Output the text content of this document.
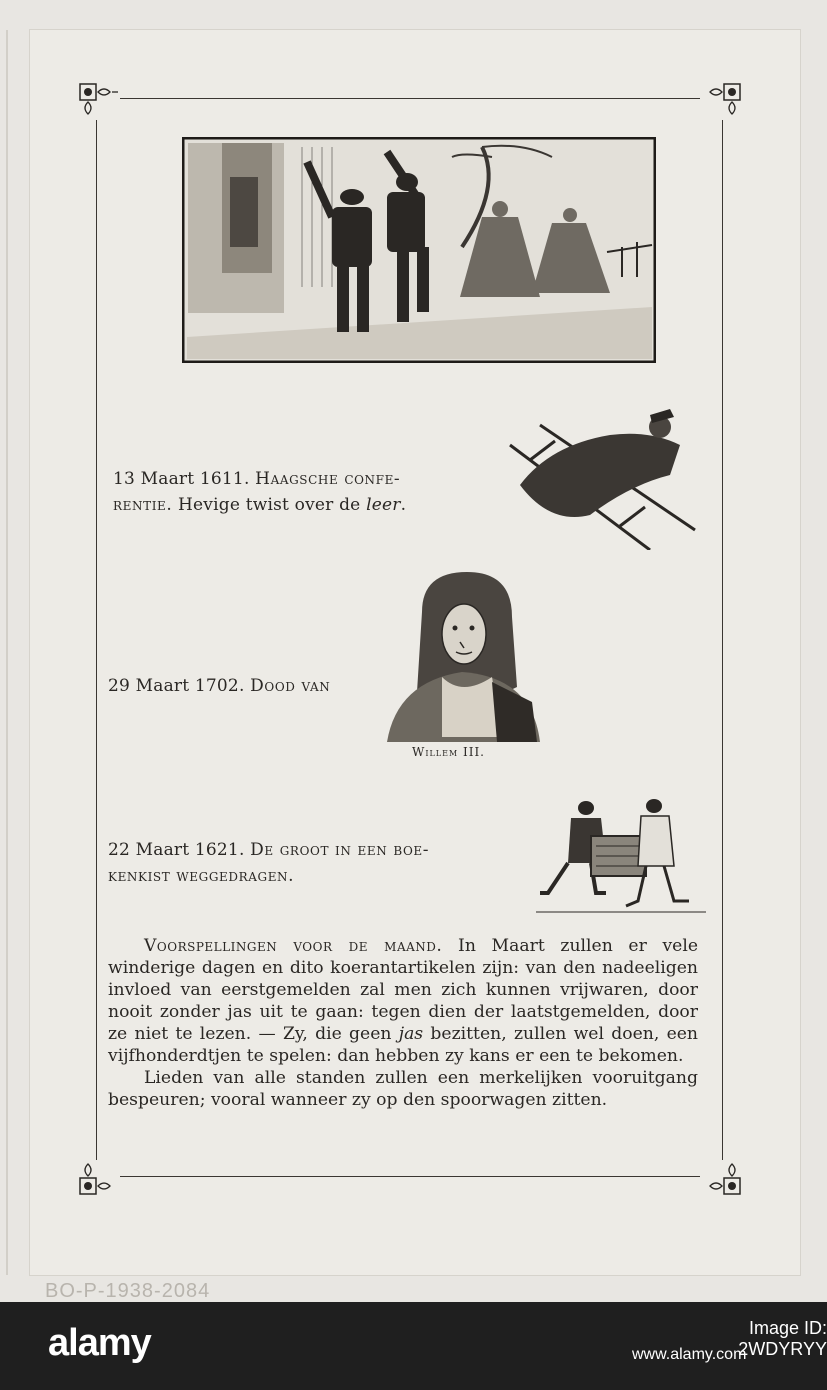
13 Maart 1611. Haagsche confe-
rentie. Hevige twist over de leer.
29 Maart 1702. Dood van
Willem III.
22 Maart 1621. De groot in een boe-
kenkist weggedragen.

Voorspellingen voor de maand. In Maart zullen er vele winderige dagen en dito koerantartikelen zijn: van den nadeeligen invloed van eerstgemelden zal men zich kunnen vrijwaren, door nooit zonder jas uit te gaan: tegen dien der laatstgemelden, door ze niet te lezen. — Zy, die geen jas bezitten, zullen wel doen, een vijfhonderdtjen te spelen: dan hebben zy kans er een te bekomen.

Lieden van alle standen zullen een merkelijken vooruitgang bespeuren; vooral wanneer zy op den spoorwagen zitten.

BO-P-1938-2084
alamy	Image ID: 2WDYRYY
www.alamy.com
